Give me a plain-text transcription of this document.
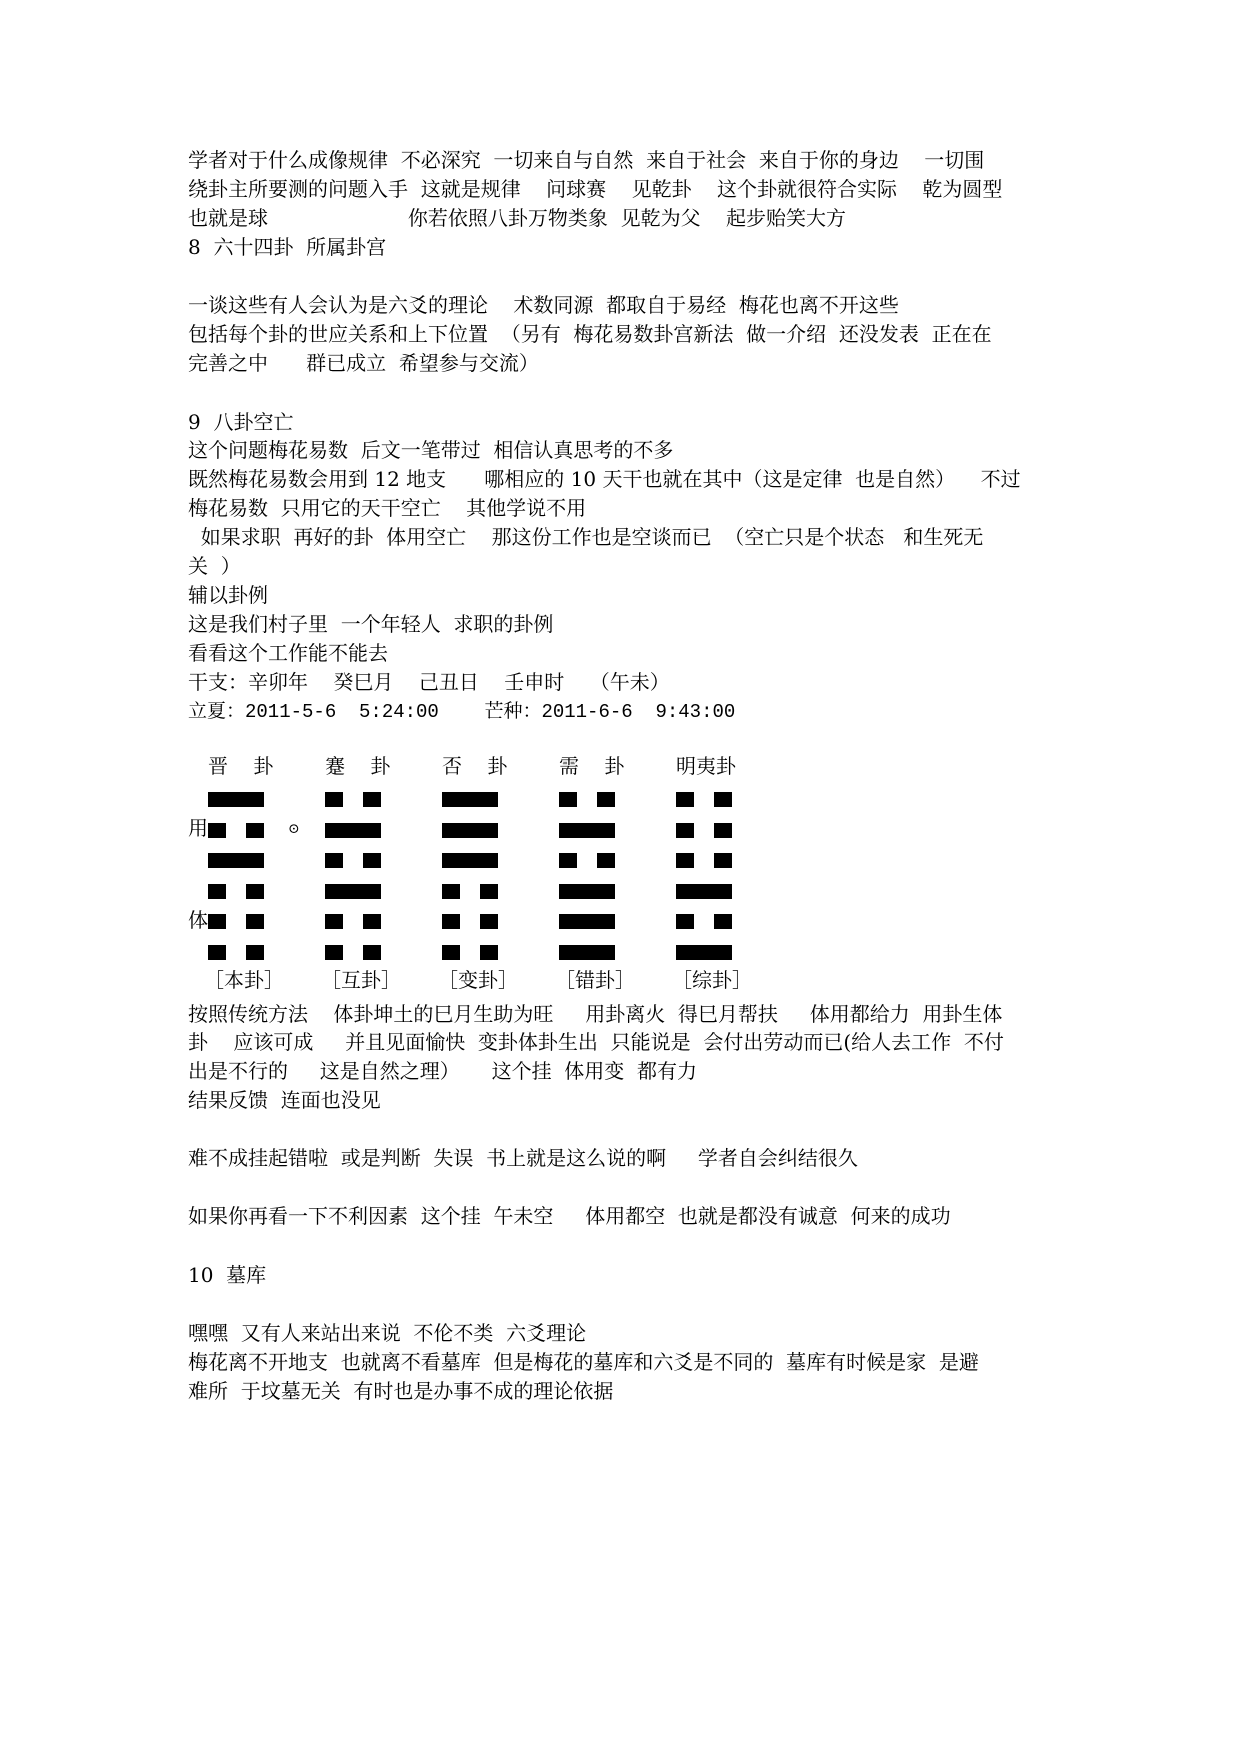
学者对于什么成像规律  不必深究  一切来自与自然  来自于社会  来自于你的身边    一切围
绕卦主所要测的问题入手  这就是规律    问球赛    见乾卦    这个卦就很符合实际    乾为圆型
也就是球                      你若依照八卦万物类象  见乾为父    起步贻笑大方
8  六十四卦  所属卦宫
一谈这些有人会认为是六爻的理论    术数同源  都取自于易经  梅花也离不开这些
包括每个卦的世应关系和上下位置  （另有  梅花易数卦宫新法  做一介绍  还没发表  正在在
完善之中      群已成立  希望参与交流）
9  八卦空亡
这个问题梅花易数  后文一笔带过  相信认真思考的不多
既然梅花易数会用到 12 地支      哪相应的 10 天干也就在其中（这是定律  也是自然）    不过
梅花易数  只用它的天干空亡    其他学说不用
如果求职  再好的卦  体用空亡    那这份工作也是空谈而已  （空亡只是个状态   和生死无
关  ）
辅以卦例
这是我们村子里  一个年轻人  求职的卦例
看看这个工作能不能去
干支：辛卯年    癸巳月    己丑日    壬申时    （午未）
立夏：2011-5-6  5:24:00    芒种：2011-6-6  9:43:00
用
体
⊙
晋    卦
［本卦］
蹇    卦
［互卦］
否    卦
［变卦］
需    卦
［错卦］
明夷卦
［综卦］
按照传统方法    体卦坤土的巳月生助为旺     用卦离火  得巳月帮扶     体用都给力  用卦生体
卦    应该可成     并且见面愉快  变卦体卦生出  只能说是  会付出劳动而已(给人去工作  不付
出是不行的     这是自然之理）     这个挂  体用变  都有力
结果反馈  连面也没见
难不成挂起错啦  或是判断  失误  书上就是这么说的啊     学者自会纠结很久
如果你再看一下不利因素  这个挂  午未空     体用都空  也就是都没有诚意  何来的成功
10  墓库
嘿嘿  又有人来站出来说  不伦不类  六爻理论
梅花离不开地支  也就离不看墓库  但是梅花的墓库和六爻是不同的  墓库有时候是家  是避
难所  于坟墓无关  有时也是办事不成的理论依据
